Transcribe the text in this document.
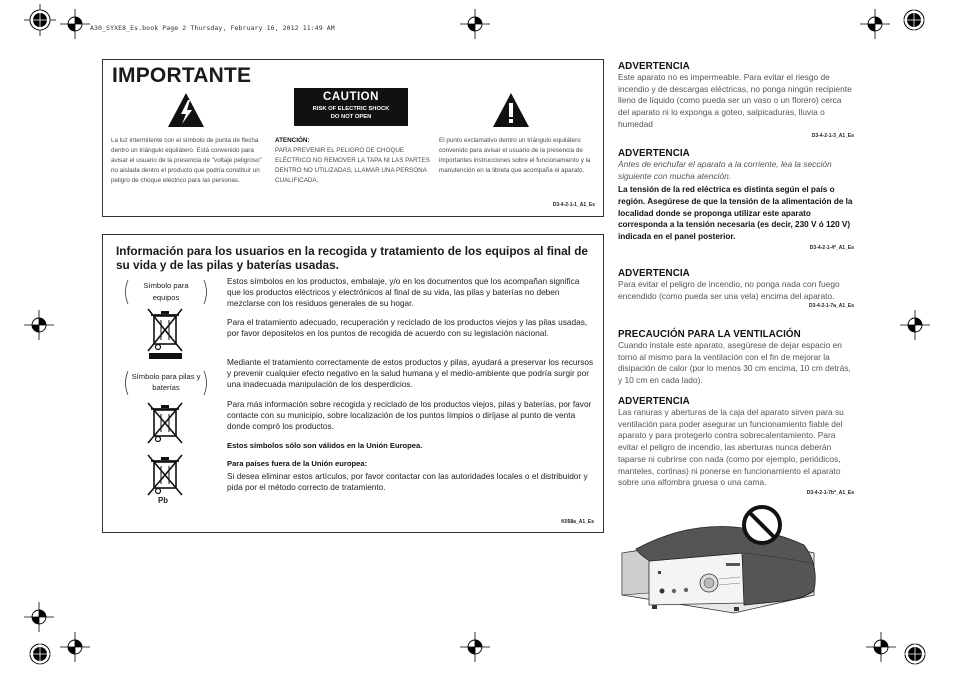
A30_SYXE8_Es.book Page 2 Thursday, February 16, 2012 11:49 AM
IMPORTANTE
CAUTION
RISK OF ELECTRIC SHOCK
DO NOT OPEN
La luz intermitente con el símbolo de punta de flecha dentro un triángulo equilátero. Está convenido para avisar el usuario de la presencia de "voltaje peligroso" no aislada dentro el producto que podría constituir un peligro de choque eléctrico para las personas.
ATENCIÓN:
PARA PREVENIR EL PELIGRO DE CHOQUE ELÉCTRICO NO REMOVER LA TAPA NI LAS PARTES DENTRO NO UTILIZADAS, LLAMAR UNA PERSONA CUALIFICADA.
El punto exclamativo dentro un triángulo equilátero convenido para avisar el usuario de la presencia de importantes instrucciones sobre el funcionamiento y la manutención en la libreta que acompaña el aparato.
D3-4-2-1-1_A1_Es
Información para los usuarios en la recogida y tratamiento de los equipos al final de su vida y de las pilas y baterías usadas.
Símbolo para equipos
Símbolo para pilas y baterías
Pb
Estos símbolos en los productos, embalaje, y/o en los documentos que los acompañan significa que los productos eléctricos y electrónicos al final de su vida, las pilas y baterías no deben mezclarse con los residuos generales de su hogar.
Para el tratamiento adecuado, recuperación y reciclado de los productos viejos y las pilas usadas, por favor depositelos en los puntos de recogida de acuerdo con su legislación nacional.
Mediante el tratamiento correctamente de estos productos y pilas, ayudará a preservar los recursos y prevenir cualquier efecto negativo en la salud humana y el medio-ambiente que podría surgir por una inadecuada manipulación de los desperdicios.
Para más información sobre recogida y reciclado de los productos viejos, pilas y baterías, por favor contacte con su municipio, sobre localización de los puntos límpios o diríjase al punto de venta donde compró los productos.
Estos símbolos sólo son válidos en la Unión Europea.
Para países fuera de la Unión europea:
Si desea eliminar estos artículos, por favor contactar con las autoridades locales o el distribuidor y pida por el método correcto de tratamiento.
K058a_A1_Es
ADVERTENCIA
Este aparato no es impermeable. Para evitar el riesgo de incendio y de descargas eléctricas, no ponga ningún recipiente lleno de líquido (como pueda ser un vaso o un florero) cerca del aparato ni lo exponga a goteo, salpicaduras, lluvia o humedad
D3-4-2-1-3_A1_Es
ADVERTENCIA
Antes de enchufar el aparato a la corriente, lea la sección siguiente con mucha atención.
La tensión de la red eléctrica es distinta según el país o región. Asegúrese de que la tensión de la alimentación de la localidad donde se proponga utilizar este aparato corresponda a la tensión necesaria (es decir, 230 V ó 120 V) indicada en el panel posterior.
D3-4-2-1-4*_A1_Es
ADVERTENCIA
Para evitar el peligro de incendio, no ponga nada con fuego encendido (como pueda ser una vela) encima del aparato.
D3-4-2-1-7a_A1_Es
PRECAUCIÓN PARA LA VENTILACIÓN
Cuando instale este aparato, asegúrese de dejar espacio en torno al mismo para la ventilación con el fin de mejorar la disipación de calor (por lo menos 30 cm encima, 10 cm detrás, y 10 cm en cada lado).
ADVERTENCIA
Las ranuras y aberturas de la caja del aparato sirven para su ventilación para poder asegurar un funcionamiento fiable del aparato y para protegerlo contra sobrecalentamiento. Para evitar el peligro de incendio, las aberturas nunca deberán taparse ni cubrirse con nada (como por ejemplo, periódicos, manteles, cortinas) ni ponerse en funcionamiento el aparato sobre una alfombra gruesa o una cama.
D3-4-2-1-7b*_A1_Es
